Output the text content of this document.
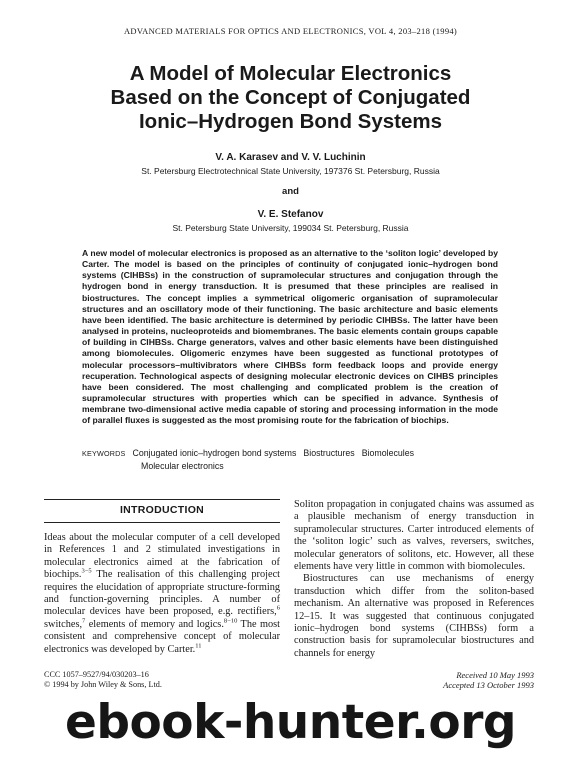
ADVANCED MATERIALS FOR OPTICS AND ELECTRONICS, VOL 4, 203–218 (1994)
A Model of Molecular Electronics
Based on the Concept of Conjugated
Ionic–Hydrogen Bond Systems
V. A. Karasev and V. V. Luchinin
St. Petersburg Electrotechnical State University, 197376 St. Petersburg, Russia
and
V. E. Stefanov
St. Petersburg State University, 199034 St. Petersburg, Russia
A new model of molecular electronics is proposed as an alternative to the ‘soliton logic’ developed by Carter. The model is based on the principles of continuity of conjugated ionic–hydrogen bond systems (CIHBSs) in the construction of supramolecular structures and conjugation through the hydrogen bond in energy transduction. It is presumed that these principles are realised in biostructures. The concept implies a symmetrical oligomeric organisation of supramolecular structures and an oscillatory mode of their functioning. The basic architecture and basic elements have been identified. The basic architecture is determined by periodic CIHBSs. The latter have been analysed in proteins, nucleoproteids and biomembranes. The basic elements contain groups capable of building in CIHBSs. Charge generators, valves and other basic elements have been distinguished among biomolecules. Oligomeric enzymes have been suggested as functional prototypes of molecular processors–multivibrators where CIHBSs form feedback loops and provide energy recuperation. Technological aspects of designing molecular electronic devices on CIHBS principles have been considered. The most challenging and complicated problem is the creation of supramolecular structures with properties which can be specified in advance. Synthesis of membrane two-dimensional active media capable of storing and processing information in the mode of parallel fluxes is suggested as the most promising route for the fabrication of biochips.
KEYWORDS Conjugated ionic–hydrogen bond systems Biostructures Biomolecules
Molecular electronics
INTRODUCTION

Ideas about the molecular computer of a cell developed in References 1 and 2 stimulated investigations in molecular electronics aimed at the fabrication of biochips.$^{3-5}$ The realisation of this challenging project requires the elucidation of appropriate structure-forming and function-governing principles. A number of molecular devices have been proposed, e.g. rectifiers,$^6$ switches,$^7$ elements of memory and logics.$^{8-10}$ The most consistent and comprehensive concept of molecular electronics was developed by Carter.$^{11}$

Soliton propagation in conjugated chains was assumed as a plausible mechanism of energy transduction in supramolecular structures. Carter introduced elements of the ‘soliton logic’ such as valves, reversers, switches, molecular generators of solitons, etc. However, all these elements have very little in common with biomolecules.

Biostructures can use mechanisms of energy transduction which differ from the soliton-based mechanism. An alternative was proposed in References 12–15. It was suggested that continuous conjugated ionic–hydrogen bond systems (CIHBSs) form a construction basis for supramolecular biostructures and channels for energy

CCC 1057–9527/94/030203–16
© 1994 by John Wiley & Sons, Ltd.
Received 10 May 1993
Accepted 13 October 1993
ebook-hunter.org
